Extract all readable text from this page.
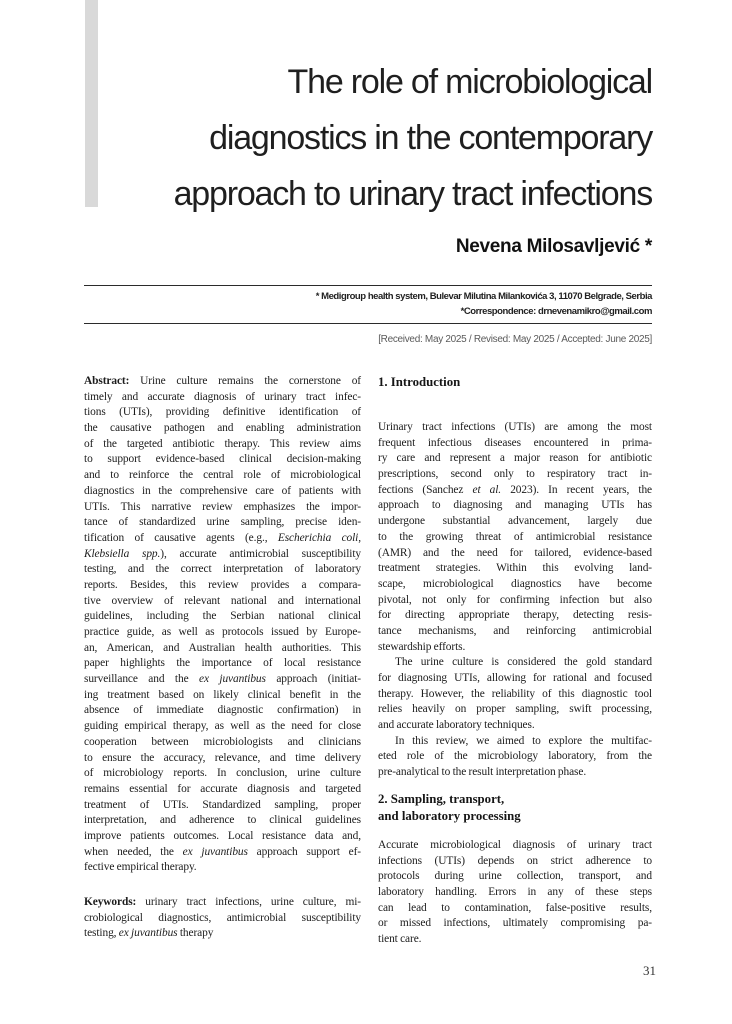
The role of microbiological
diagnostics in the contemporary
approach to urinary tract infections
Nevena Milosavljević *
* Medigroup health system, Bulevar Milutina Milankovića 3, 11070 Belgrade, Serbia
*Correspondence: drnevenamikro@gmail.com
[Received: May 2025 / Revised: May 2025 / Accepted: June 2025]
Abstract: Urine culture remains the cornerstone of
timely and accurate diagnosis of urinary tract infec-
tions (UTIs), providing definitive identification of
the causative pathogen and enabling administration
of the targeted antibiotic therapy. This review aims
to support evidence-based clinical decision-making
and to reinforce the central role of microbiological
diagnostics in the comprehensive care of patients with
UTIs. This narrative review emphasizes the impor-
tance of standardized urine sampling, precise iden-
tification of causative agents (e.g., Escherichia coli,
Klebsiella spp.), accurate antimicrobial susceptibility
testing, and the correct interpretation of laboratory
reports. Besides, this review provides a compara-
tive overview of relevant national and international
guidelines, including the Serbian national clinical
practice guide, as well as protocols issued by Europe-
an, American, and Australian health authorities. This
paper highlights the importance of local resistance
surveillance and the ex juvantibus approach (initiat-
ing treatment based on likely clinical benefit in the
absence of immediate diagnostic confirmation) in
guiding empirical therapy, as well as the need for close
cooperation between microbiologists and clinicians
to ensure the accuracy, relevance, and time delivery
of microbiology reports. In conclusion, urine culture
remains essential for accurate diagnosis and targeted
treatment of UTIs. Standardized sampling, proper
interpretation, and adherence to clinical guidelines
improve patients outcomes. Local resistance data and,
when needed, the ex juvantibus approach support ef-
fective empirical therapy.
Keywords: urinary tract infections, urine culture, mi-
crobiological diagnostics, antimicrobial susceptibility
testing, ex juvantibus therapy
1. Introduction
Urinary tract infections (UTIs) are among the most
frequent infectious diseases encountered in prima-
ry care and represent a major reason for antibiotic
prescriptions, second only to respiratory tract in-
fections (Sanchez et al. 2023). In recent years, the
approach to diagnosing and managing UTIs has
undergone substantial advancement, largely due
to the growing threat of antimicrobial resistance
(AMR) and the need for tailored, evidence-based
treatment strategies. Within this evolving land-
scape, microbiological diagnostics have become
pivotal, not only for confirming infection but also
for directing appropriate therapy, detecting resis-
tance mechanisms, and reinforcing antimicrobial
stewardship efforts.
The urine culture is considered the gold standard
for diagnosing UTIs, allowing for rational and focused
therapy. However, the reliability of this diagnostic tool
relies heavily on proper sampling, swift processing,
and accurate laboratory techniques.
In this review, we aimed to explore the multifac-
eted role of the microbiology laboratory, from the
pre-analytical to the result interpretation phase.
2. Sampling, transport,
and laboratory processing
Accurate microbiological diagnosis of urinary tract
infections (UTIs) depends on strict adherence to
protocols during urine collection, transport, and
laboratory handling. Errors in any of these steps
can lead to contamination, false-positive results,
or missed infections, ultimately compromising pa-
tient care.
31
